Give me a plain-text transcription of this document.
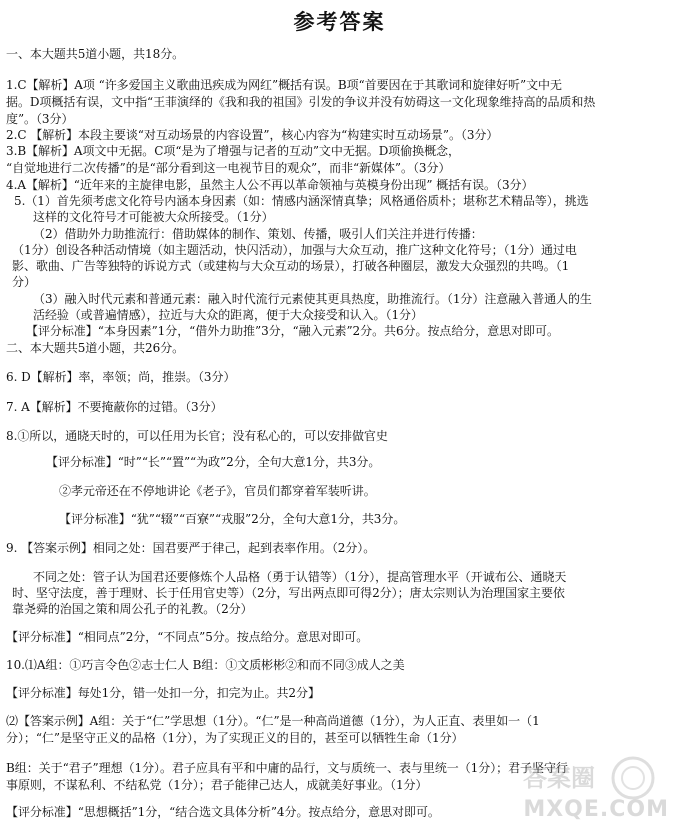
参考答案
一、本大题共5道小题，共18分。
1.C【解析】A项 “许多爱国主义歌曲迅疾成为网红”概括有误。B项“首要因在于其歌词和旋律好听”文中无
据。D项概括有误，文中指“王菲演绎的《我和我的祖国》引发的争议并没有妨碍这一文化现象维持高的品质和热
度”。（3分）
2.C 【解析】本段主要谈“对互动场景的内容设置”，核心内容为“构建实时互动场景”。（3分）
3.B【解析】A项文中无据。C项“是为了增强与记者的互动”文中无据。D项偷换概念，
“自觉地进行二次传播”的是“部分看到这一电视节目的观众”，而非“新媒体”。（3分）
4.A【解析】“近年来的主旋律电影，虽然主人公不再以革命领袖与英模身份出现” 概括有误。（3分）
5.（1）首先须考虑文化符号内涵本身因素（如：情感内涵深情真挚；风格通俗质朴；堪称艺术精品等），挑选
这样的文化符号才可能被大众所接受。（1分）
（2）借助外力助推流行：借助媒体的制作、策划、传播，吸引人们关注并进行传播：
（1分）创设各种活动情境（如主题活动，快闪活动），加强与大众互动，推广这种文化符号；（1分）通过电
影、歌曲、广告等独特的诉说方式（或建构与大众互动的场景），打破各种圈层，激发大众强烈的共鸣。（1
分）
（3）融入时代元素和普通元素：融入时代流行元素使其更具热度，助推流行。（1分）注意融入普通人的生
活经验（或普遍情感），拉近与大众的距离，便于大众接受和认入。（1分）
【评分标准】“本身因素”1分，“借外力助推”3分，“融入元素”2分。共6分。按点给分，意思对即可。
二、本大题共5道小题，共26分。
6. D【解析】率，率领；尚，推崇。（3分）
7. A【解析】不要掩蔽你的过错。（3分）
8.①所以，通晓天时的，可以任用为长官；没有私心的，可以安排做官史
【评分标准】“时”“长”“置”“为政”2分，全句大意1分，共3分。
②孝元帝还在不停地讲论《老子》，官员们都穿着军装听讲。
【评分标准】“犹”“辍”“百寮”“戎服”2分，全句大意1分，共3分。
9. 【答案示例】相同之处：国君要严于律己，起到表率作用。（2分）。
不同之处：管子认为国君还要修炼个人品格（勇于认错等）（1分），提高管理水平（开诚布公、通晓天
时、坚守法度，善于理财、长于任用官史等）（2分，写出两点即可得2分）；唐太宗则认为治理国家主要依
靠尧舜的治国之策和周公孔子的礼教。（2分）
【评分标准】“相同点”2分，“不同点”5分。按点给分。意思对即可。
10.⑴A组：①巧言令色②志士仁人 B组：①文质彬彬②和而不同③成人之美
【评分标准】每处1分，错一处扣一分，扣完为止。共2分】
⑵【答案示例】A组：关于“仁”学思想（1分）。“仁”是一种高尚道德（1分），为人正直、表里如一（1
分）；“仁”是坚守正义的品格（1分），为了实现正义的目的，甚至可以牺牲生命（1分）
B组：关于“君子”理想（1分）。君子应具有平和中庸的品行，文与质统一、表与里统一（1分）；君子坚守行
事原则，不谋私利、不结私党（1分）；君子能律己达人，成就美好事业。（1分）
【评分标准】“思想概括”1分，“结合选文具体分析”4分。按点给分，意思对即可。
答案圈
MXQE.COM
